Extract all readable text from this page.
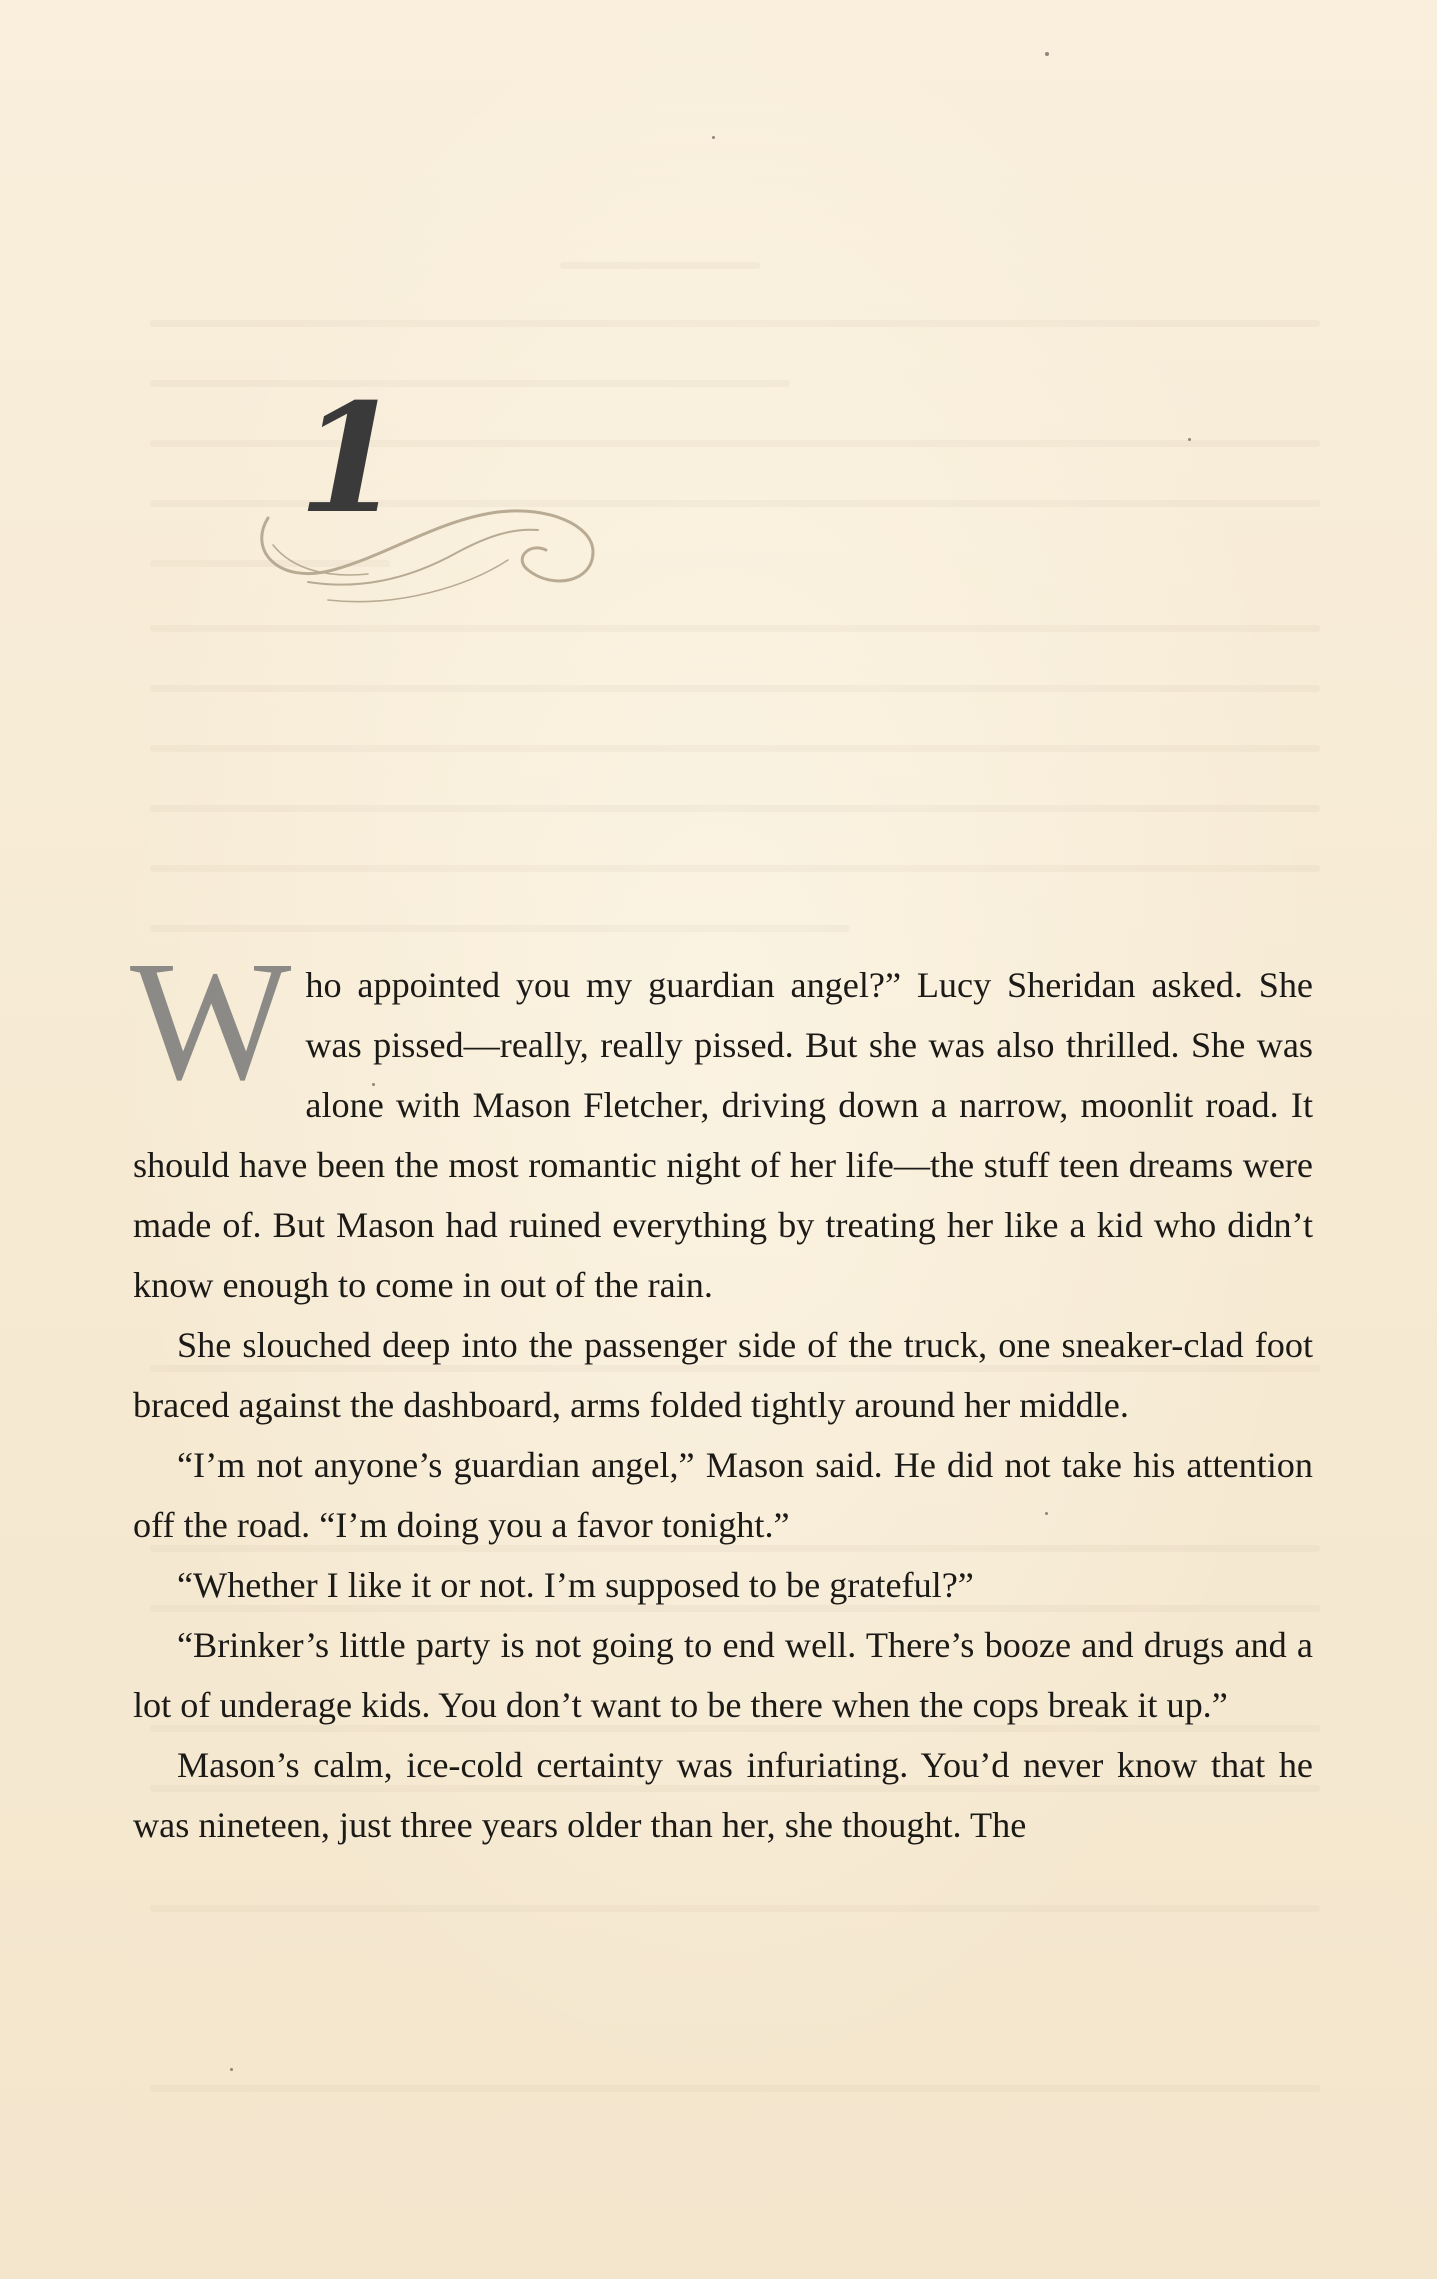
1

Who appointed you my guardian angel?” Lucy Sheridan asked. She was pissed—really, really pissed. But she was also thrilled. She was alone with Mason Fletcher, driving down a narrow, moonlit road. It should have been the most romantic night of her life—the stuff teen dreams were made of. But Mason had ruined everything by treating her like a kid who didn’t know enough to come in out of the rain.

She slouched deep into the passenger side of the truck, one sneaker-clad foot braced against the dashboard, arms folded tightly around her middle.

“I’m not anyone’s guardian angel,” Mason said. He did not take his attention off the road. “I’m doing you a favor tonight.”

“Whether I like it or not. I’m supposed to be grateful?”

“Brinker’s little party is not going to end well. There’s booze and drugs and a lot of underage kids. You don’t want to be there when the cops break it up.”

Mason’s calm, ice-cold certainty was infuriating. You’d never know that he was nineteen, just three years older than her, she thought. The
